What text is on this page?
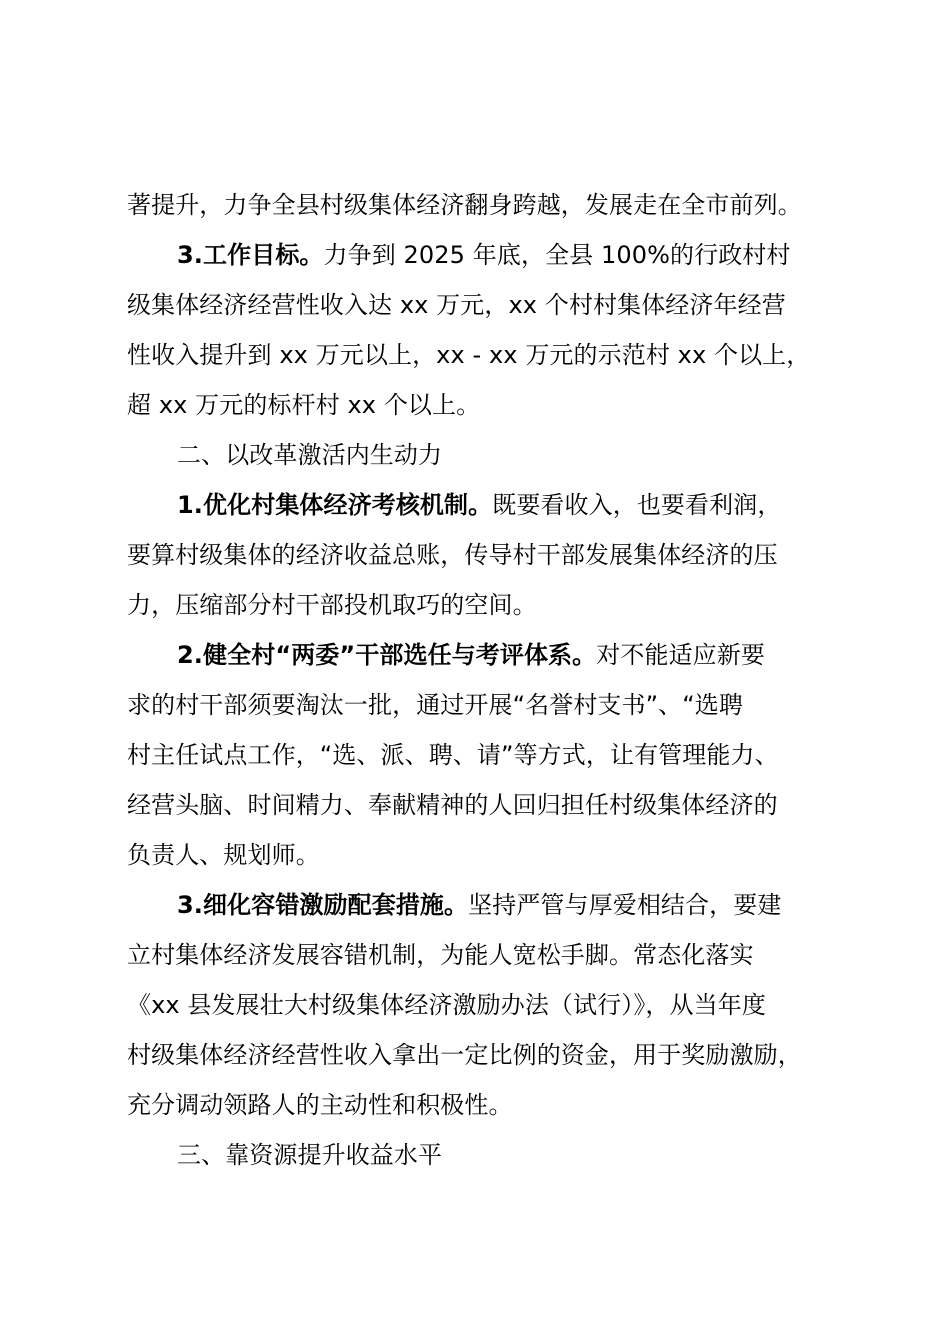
著提升，力争全县村级集体经济翻身跨越，发展走在全市前列。
3.工作目标。力争到 2025 年底，全县 100%的行政村村
级集体经济经营性收入达 xx 万元，xx 个村村集体经济年经营
性收入提升到 xx 万元以上，xx - xx 万元的示范村 xx 个以上，
超 xx 万元的标杆村 xx 个以上。
二、以改革激活内生动力
1.优化村集体经济考核机制。既要看收入，也要看利润，
要算村级集体的经济收益总账，传导村干部发展集体经济的压
力，压缩部分村干部投机取巧的空间。
2.健全村“两委”干部选任与考评体系。对不能适应新要
求的村干部须要淘汰一批，通过开展“名誉村支书”、“选聘
村主任试点工作，“选、派、聘、请”等方式，让有管理能力、
经营头脑、时间精力、奉献精神的人回归担任村级集体经济的
负责人、规划师。
3.细化容错激励配套措施。坚持严管与厚爱相结合，要建
立村集体经济发展容错机制，为能人宽松手脚。常态化落实
《xx 县发展壮大村级集体经济激励办法（试行）》，从当年度
村级集体经济经营性收入拿出一定比例的资金，用于奖励激励，
充分调动领路人的主动性和积极性。
三、靠资源提升收益水平
